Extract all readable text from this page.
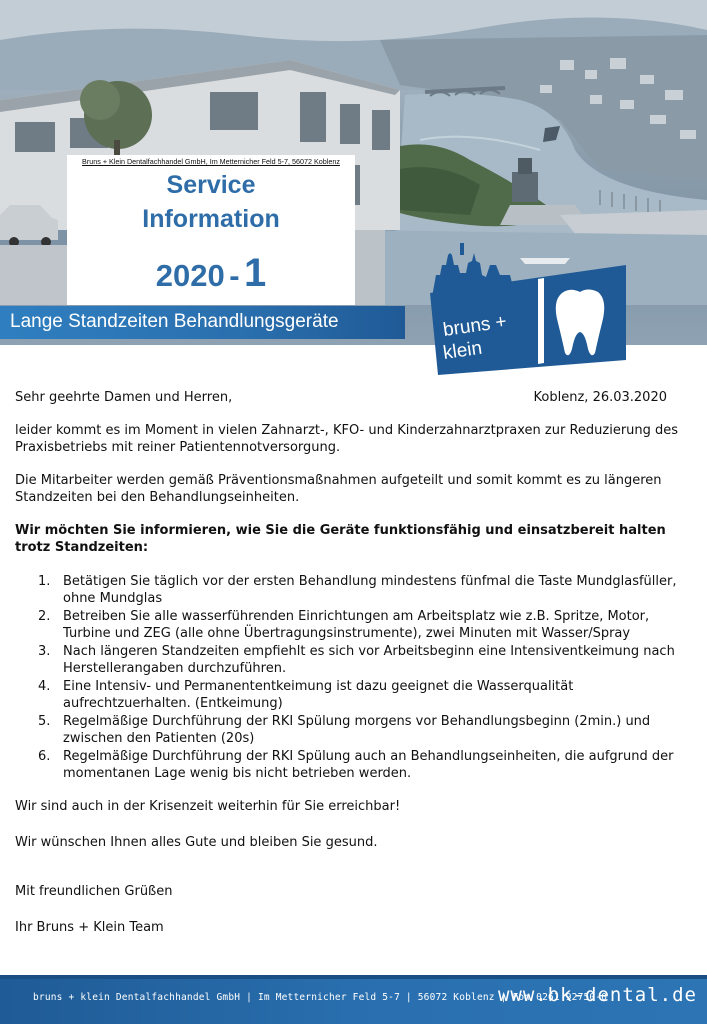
Bruns + Klein Dentalfachhandel GmbH, Im Metternicher Feld 5-7, 56072 Koblenz
Service
Information
2020 - 1
Lange Standzeiten Behandlungsgeräte	bruns +
klein
Sehr geehrte Damen und Herren,	Koblenz, 26.03.2020
leider kommt es im Moment in vielen Zahnarzt-, KFO- und Kinderzahnarztpraxen zur Reduzierung des Praxisbetriebs mit reiner Patientennotversorgung.
Die Mitarbeiter werden gemäß Präventionsmaßnahmen aufgeteilt und somit kommt es zu längeren Standzeiten bei den Behandlungseinheiten.
Wir möchten Sie informieren, wie Sie die Geräte funktionsfähig und einsatzbereit halten trotz Standzeiten:
1. Betätigen Sie täglich vor der ersten Behandlung mindestens fünfmal die Taste Mundglasfüller, ohne Mundglas
2. Betreiben Sie alle wasserführenden Einrichtungen am Arbeitsplatz wie z.B. Spritze, Motor, Turbine und ZEG (alle ohne Übertragungsinstrumente), zwei Minuten mit Wasser/Spray
3. Nach längeren Standzeiten empfiehlt es sich vor Arbeitsbeginn eine Intensiventkeimung nach Herstellerangaben durchzuführen.
4. Eine Intensiv- und Permanententkeimung ist dazu geeignet die Wasserqualität aufrechtzuerhalten. (Entkeimung)
5. Regelmäßige Durchführung der RKI Spülung morgens vor Behandlungsbeginn (2min.) und zwischen den Patienten (20s)
6. Regelmäßige Durchführung der RKI Spülung auch an Behandlungseinheiten, die aufgrund der momentanen Lage wenig bis nicht betrieben werden.
Wir sind auch in der Krisenzeit weiterhin für Sie erreichbar!
Wir wünschen Ihnen alles Gute und bleiben Sie gesund.
Mit freundlichen Grüßen
Ihr Bruns + Klein Team
bruns + klein Dentalfachhandel GmbH | Im Metternicher Feld 5-7 | 56072 Koblenz | Fon 0261 92750-0
www.bk-dental.de
